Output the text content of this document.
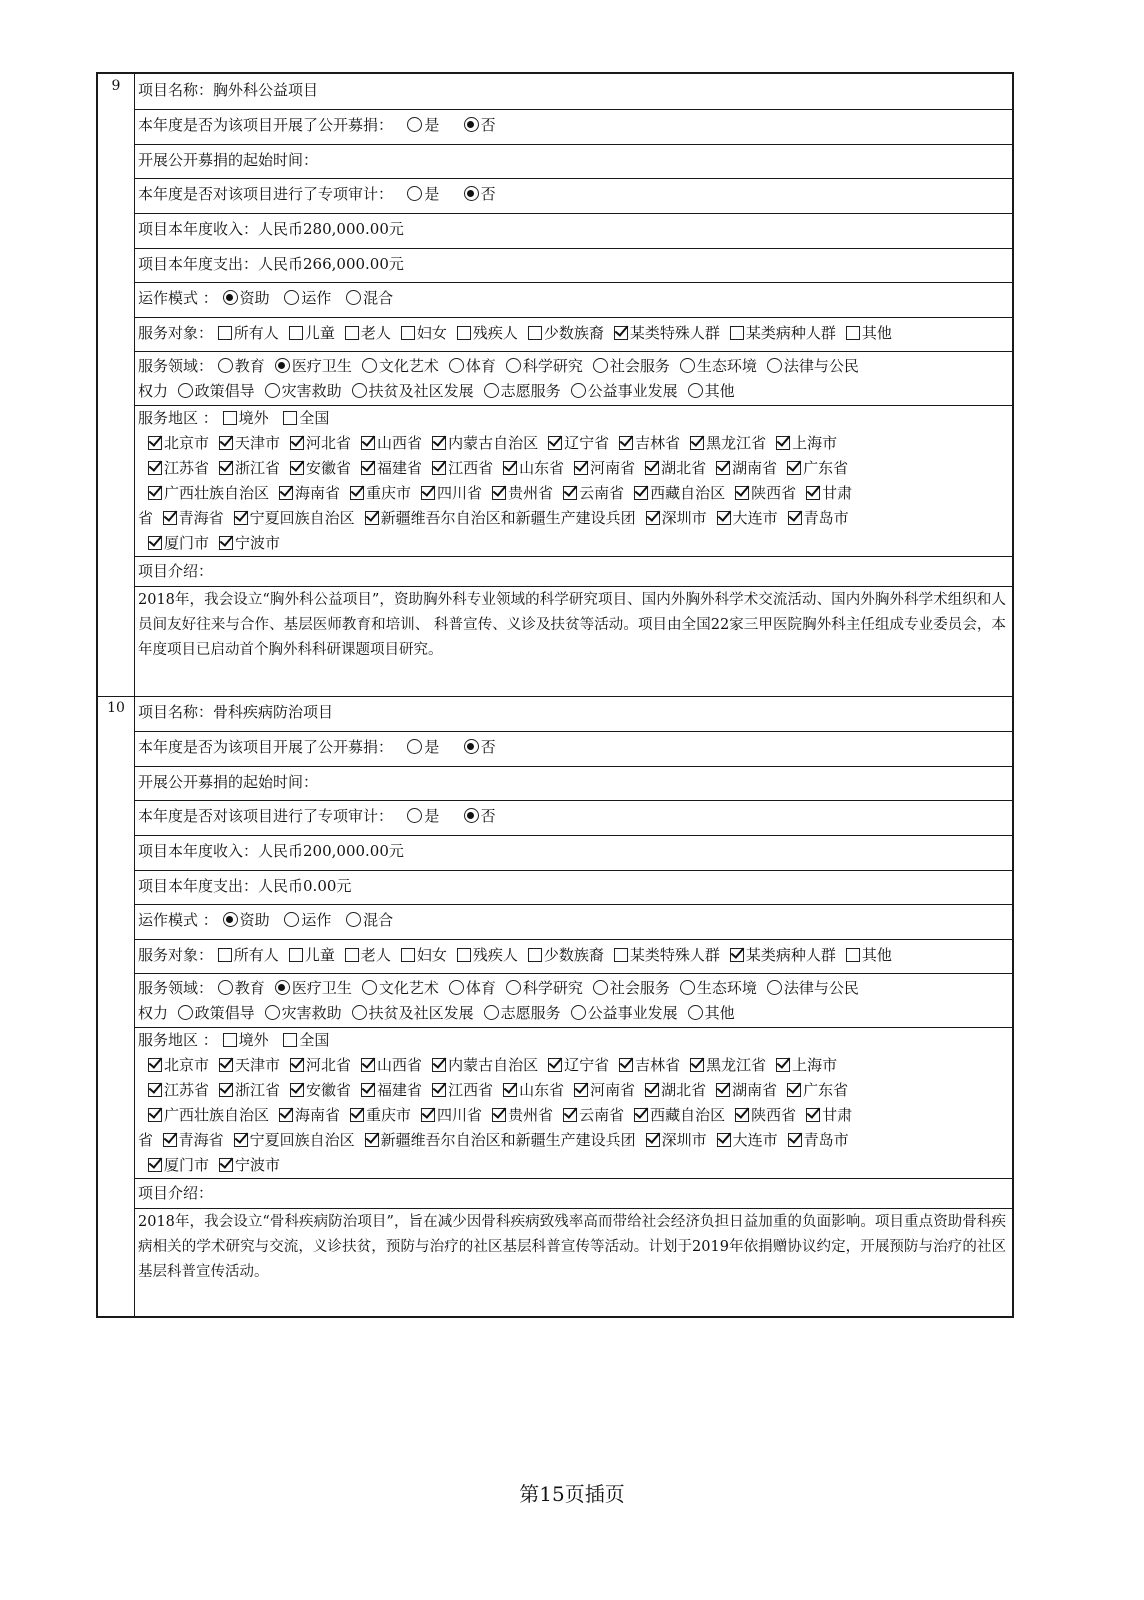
9	项目名称：胸外科公益项目
本年度是否为该项目开展了公开募捐： 是	否
开展公开募捐的起始时间：
本年度是否对该项目进行了专项审计： 是	否
项目本年度收入：人民币280,000.00元
项目本年度支出：人民币266,000.00元
运作模式 ： 资助 运作 混合
服务对象： 所有人 儿童 老人 妇女 残疾人 少数族裔 某类特殊人群 某类病种人群 其他
服务领域： 教育 医疗卫生 文化艺术 体育 科学研究 社会服务 生态环境 法律与公民
权力 政策倡导 灾害救助 扶贫及社区发展 志愿服务 公益事业发展 其他
服务地区 ： 境外 全国
北京市 天津市 河北省 山西省 内蒙古自治区 辽宁省 吉林省 黑龙江省 上海市
江苏省 浙江省 安徽省 福建省 江西省 山东省 河南省 湖北省 湖南省 广东省
广西壮族自治区 海南省 重庆市 四川省 贵州省 云南省 西藏自治区 陕西省 甘肃
省 青海省 宁夏回族自治区 新疆维吾尔自治区和新疆生产建设兵团 深圳市 大连市 青岛市
厦门市 宁波市
项目介绍：
2018年，我会设立“胸外科公益项目”，资助胸外科专业领域的科学研究项目、国内外胸外科学术交流活动、国内外胸外科学术组织和人员间友好往来与合作、基层医师教育和培训、 科普宣传、义诊及扶贫等活动。项目由全国22家三甲医院胸外科主任组成专业委员会，本年度项目已启动首个胸外科科研课题项目研究。
10 项目名称：骨科疾病防治项目
本年度是否为该项目开展了公开募捐： 是	否
开展公开募捐的起始时间：
本年度是否对该项目进行了专项审计： 是	否
项目本年度收入：人民币200,000.00元
项目本年度支出：人民币0.00元
运作模式 ： 资助 运作 混合
服务对象： 所有人 儿童 老人 妇女 残疾人 少数族裔 某类特殊人群 某类病种人群 其他
服务领域： 教育 医疗卫生 文化艺术 体育 科学研究 社会服务 生态环境 法律与公民
权力 政策倡导 灾害救助 扶贫及社区发展 志愿服务 公益事业发展 其他
服务地区 ： 境外 全国
北京市 天津市 河北省 山西省 内蒙古自治区 辽宁省 吉林省 黑龙江省 上海市
江苏省 浙江省 安徽省 福建省 江西省 山东省 河南省 湖北省 湖南省 广东省
广西壮族自治区 海南省 重庆市 四川省 贵州省 云南省 西藏自治区 陕西省 甘肃
省 青海省 宁夏回族自治区 新疆维吾尔自治区和新疆生产建设兵团 深圳市 大连市 青岛市
厦门市 宁波市
项目介绍：
2018年，我会设立“骨科疾病防治项目”，旨在减少因骨科疾病致残率高而带给社会经济负担日益加重的负面影响。项目重点资助骨科疾病相关的学术研究与交流，义诊扶贫，预防与治疗的社区基层科普宣传等活动。计划于2019年依捐赠协议约定，开展预防与治疗的社区基层科普宣传活动。
第15页插页
